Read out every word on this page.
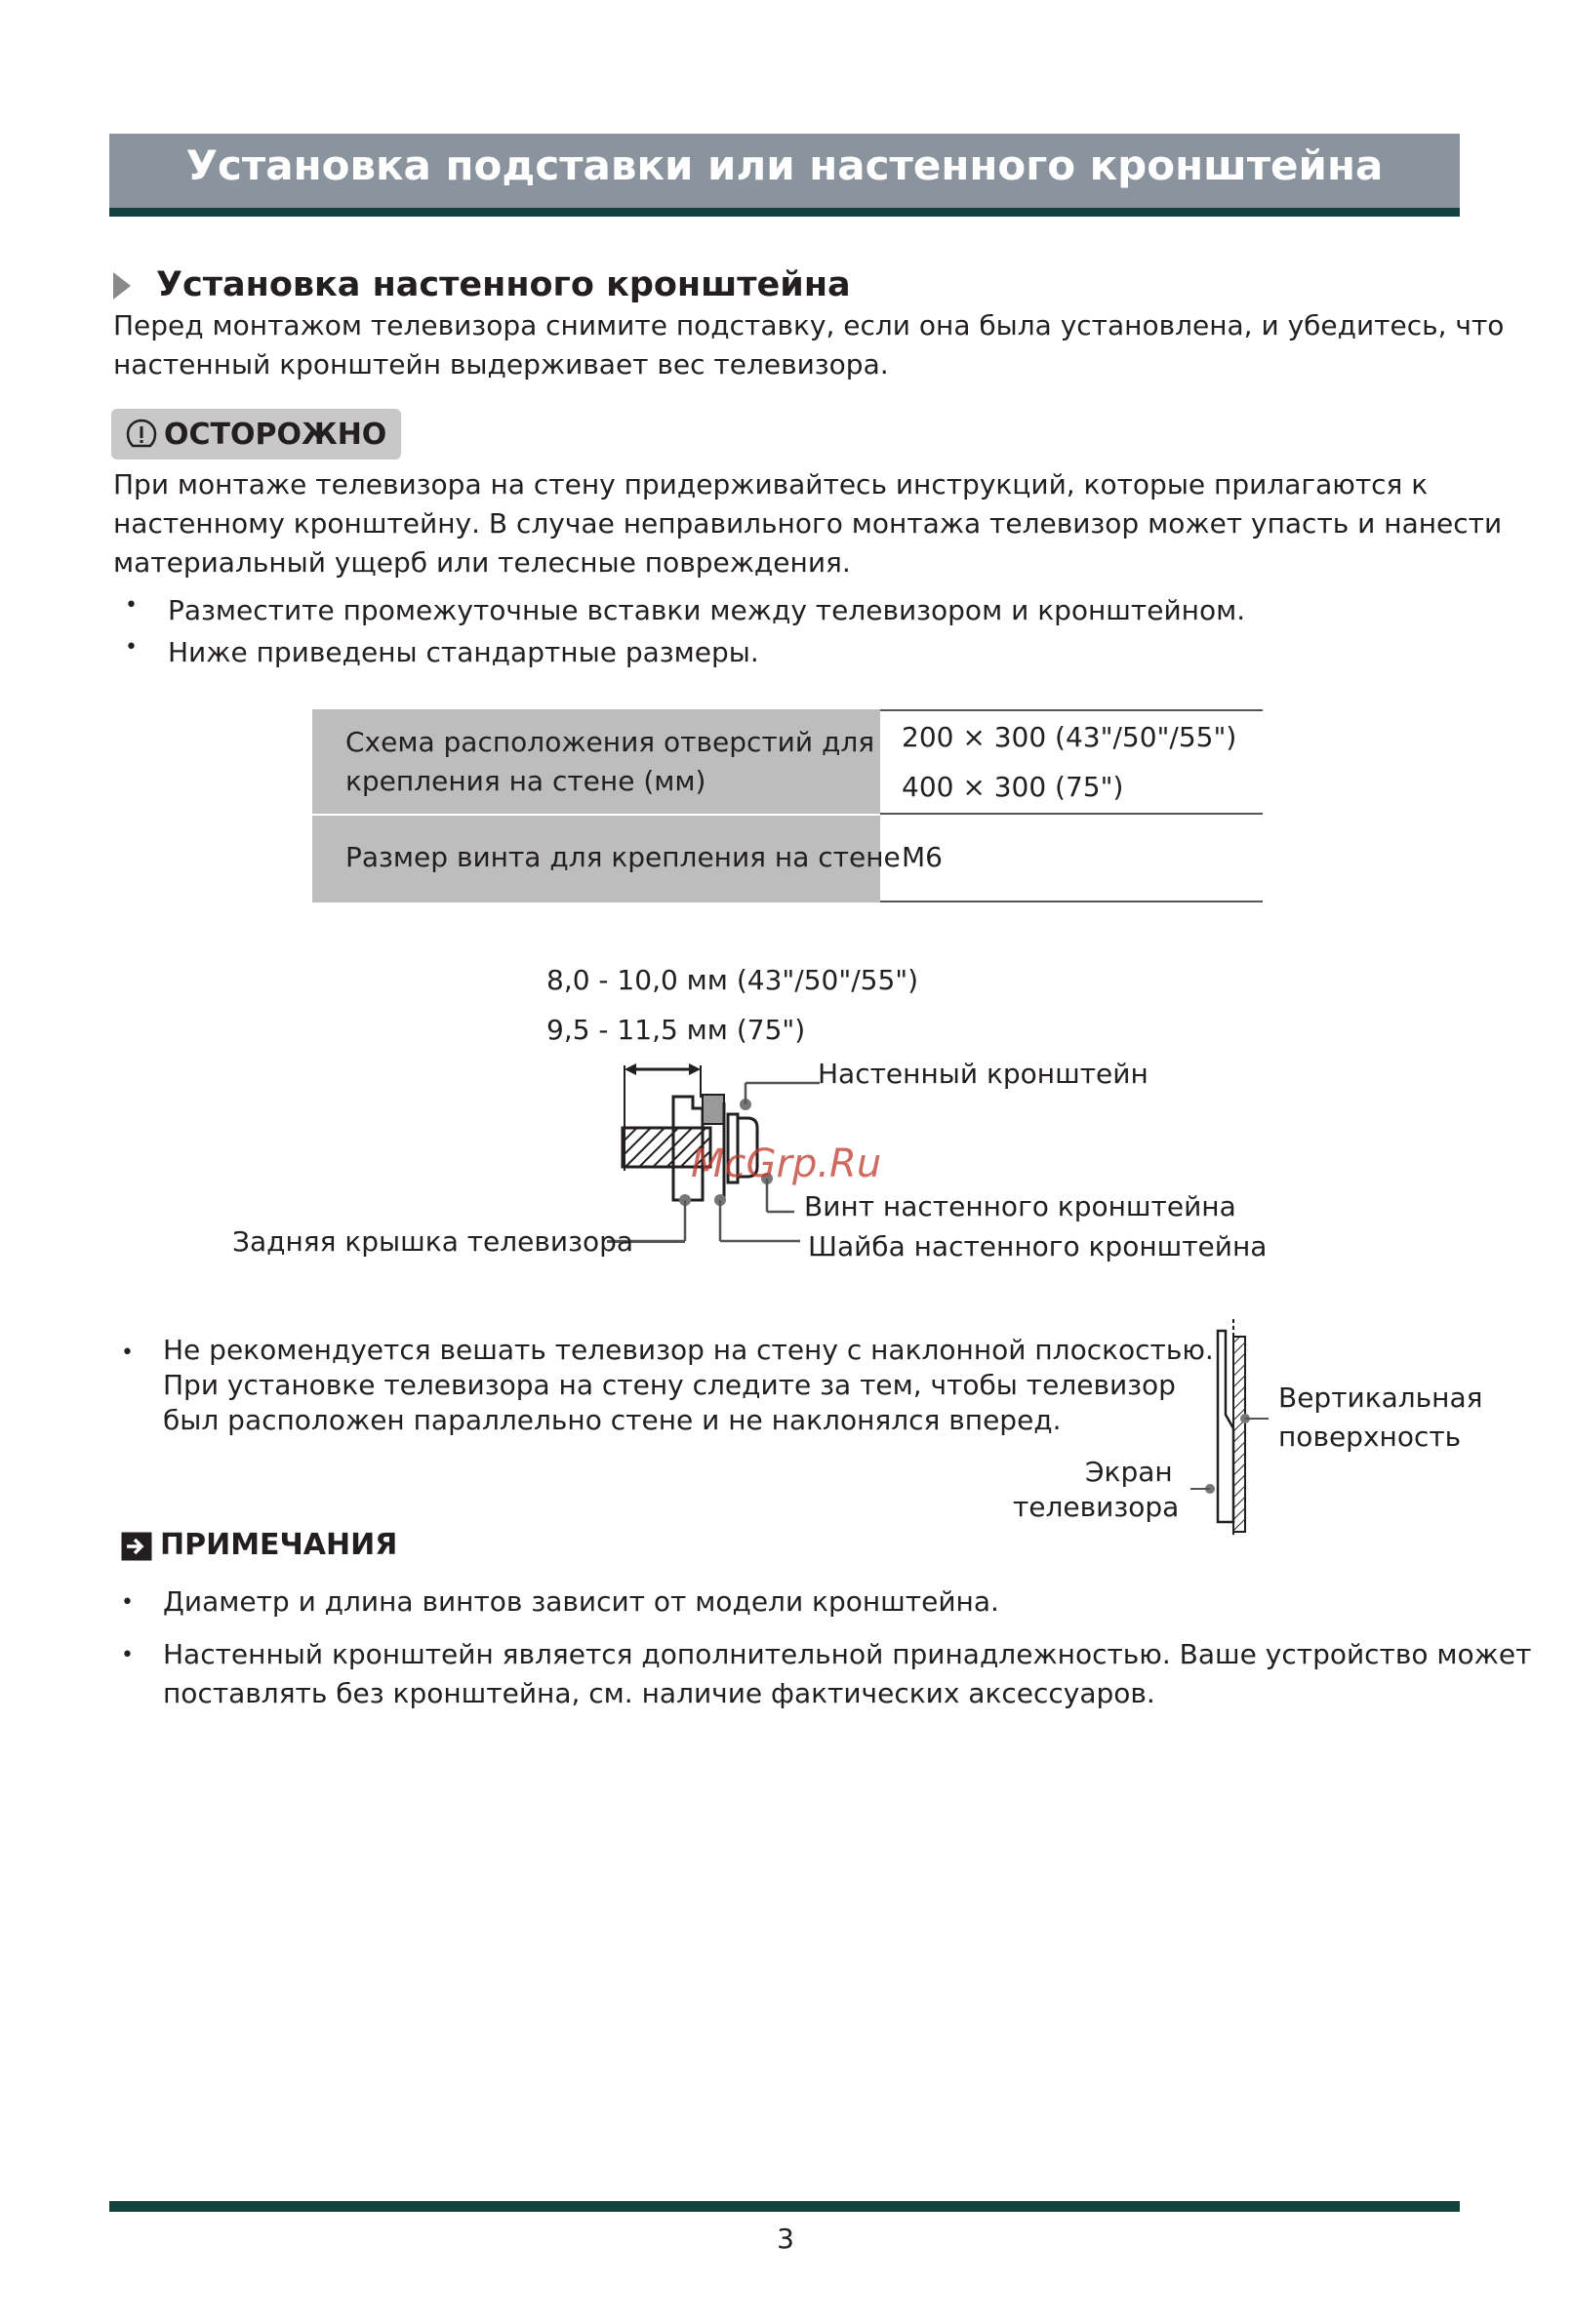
Установка подставки или настенного кронштейна
Установка настенного кронштейна
Перед монтажом телевизора снимите подставку, если она была установлена, и убедитесь, что
настенный кронштейн выдерживает вес телевизора.
ОСТОРОЖНО
При монтаже телевизора на стену придерживайтесь инструкций, которые прилагаются к
настенному кронштейну. В случае неправильного монтажа телевизор может упасть и нанести
материальный ущерб или телесные повреждения.
• Разместите промежуточные вставки между телевизором и кронштейном.
• Ниже приведены стандартные размеры.
Схема расположения отверстий для
крепления на стене (мм)
200 × 300 (43"/50"/55")
400 × 300 (75")
Размер винта для крепления на стене M6
8,0 - 10,0 мм (43"/50"/55")
9,5 - 11,5 мм (75")
Настенный кронштейн
Винт настенного кронштейна
Шайба настенного кронштейна
Задняя крышка телевизора
McGrp.Ru
• Не рекомендуется вешать телевизор на стену с наклонной плоскостью.
При установке телевизора на стену следите за тем, чтобы телевизор
был расположен параллельно стене и не наклонялся вперед.
Вертикальная
поверхность
Экран
телевизора
ПРИМЕЧАНИЯ
• Диаметр и длина винтов зависит от модели кронштейна.
• Настенный кронштейн является дополнительной принадлежностью. Ваше устройство может
поставлять без кронштейна, см. наличие фактических аксессуаров.
3
